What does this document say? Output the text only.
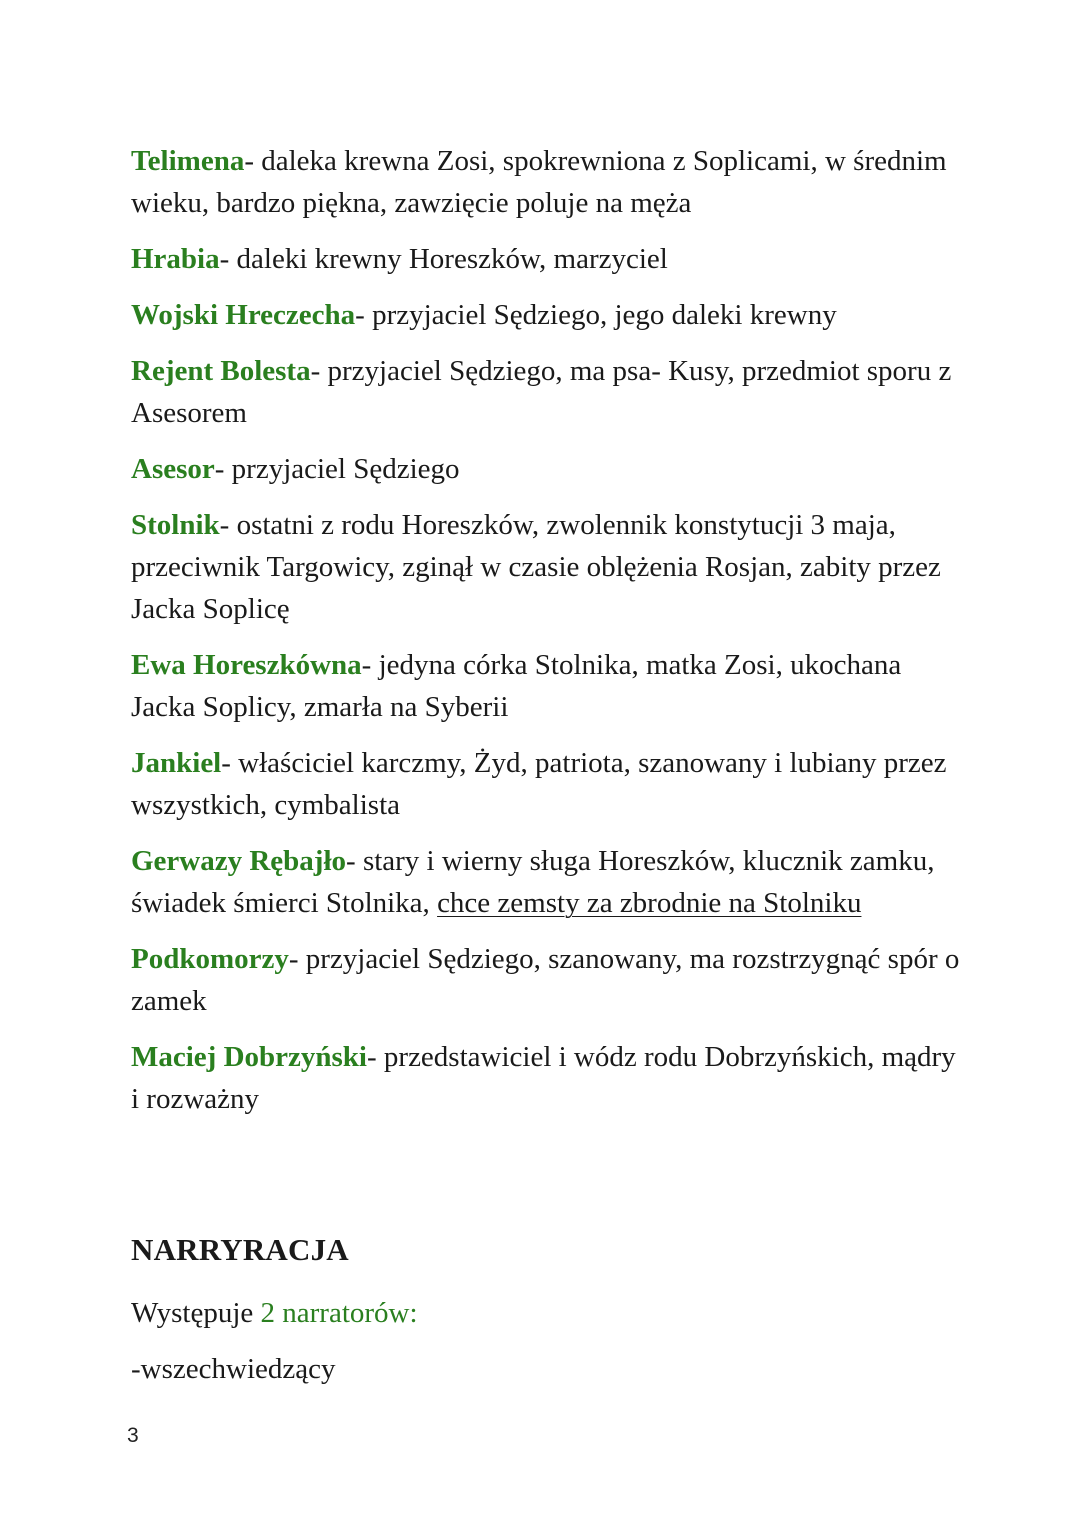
Telimena- daleka krewna Zosi, spokrewniona z Soplicami, w średnim wieku, bardzo piękna, zawzięcie poluje na męża

Hrabia- daleki krewny Horeszków, marzyciel

Wojski Hreczecha- przyjaciel Sędziego, jego daleki krewny

Rejent Bolesta- przyjaciel Sędziego, ma psa- Kusy, przedmiot sporu z Asesorem

Asesor- przyjaciel Sędziego

Stolnik- ostatni z rodu Horeszków, zwolennik konstytucji 3 maja, przeciwnik Targowicy, zginął w czasie oblężenia Rosjan, zabity przez Jacka Soplicę

Ewa Horeszkówna- jedyna córka Stolnika, matka Zosi, ukochana Jacka Soplicy, zmarła na Syberii

Jankiel- właściciel karczmy, Żyd, patriota, szanowany i lubiany przez wszystkich, cymbalista

Gerwazy Rębajło- stary i wierny sługa Horeszków, klucznik zamku, świadek śmierci Stolnika, chce zemsty za zbrodnie na Stolniku

Podkomorzy- przyjaciel Sędziego, szanowany, ma rozstrzygnąć spór o zamek

Maciej Dobrzyński- przedstawiciel i wódz rodu Dobrzyńskich, mądry i rozważny

NARRYRACJA

Występuje 2 narratorów:

-wszechwiedzący

3
